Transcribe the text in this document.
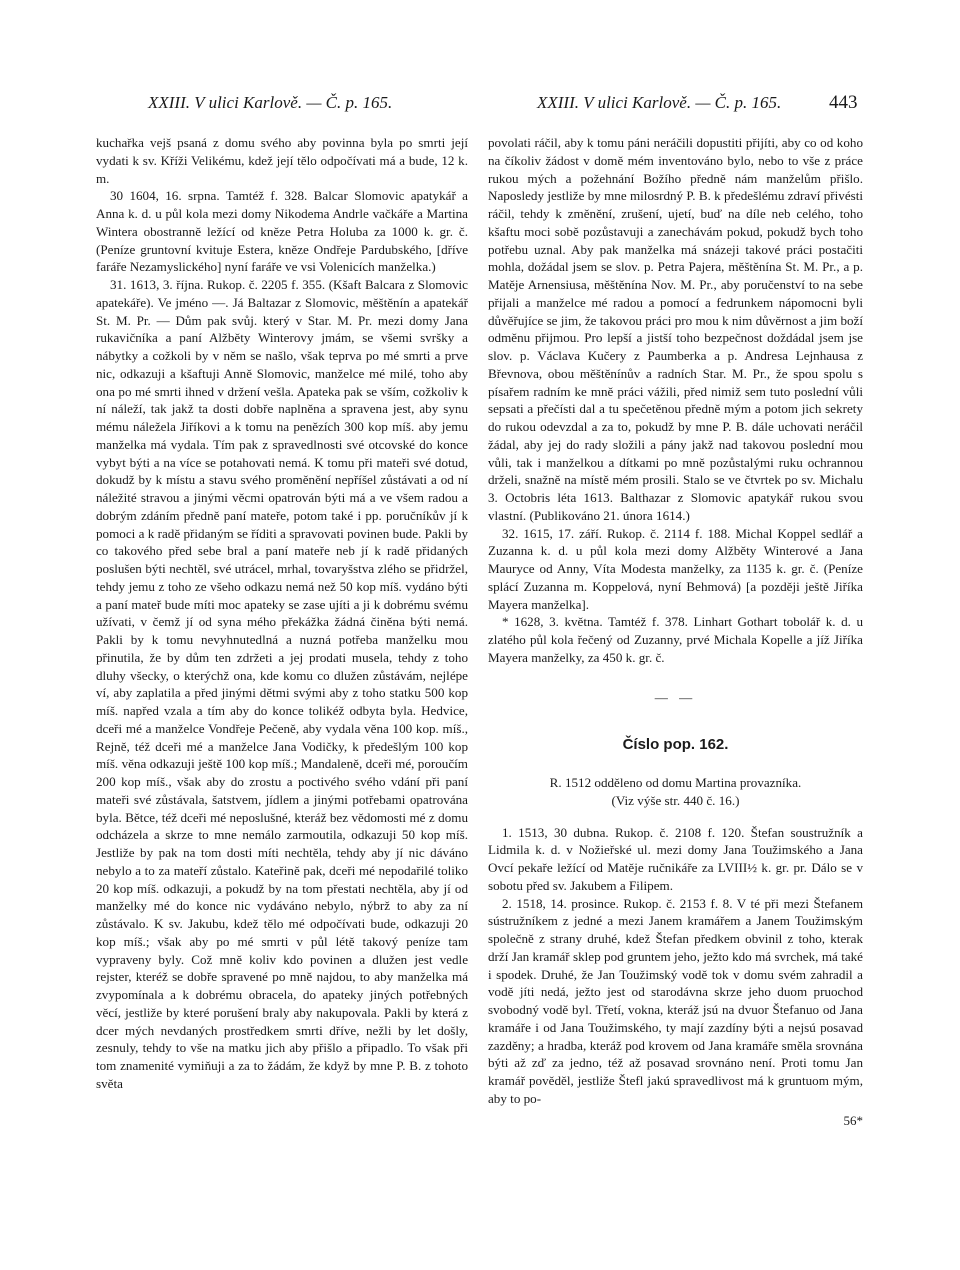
XXIII. V ulici Karlově. — Č. p. 165.	XXIII. V ulici Karlově. — Č. p. 165.	443

kuchařka vejš psaná z domu svého aby povinna byla po smrti její vydati k sv. Kříži Velikému, kdež její tělo odpočívati má a bude, 12 k. m.

30 1604, 16. srpna. Tamtéž f. 328. Balcar Slomovic apatykář a Anna k. d. u půl kola mezi domy Nikodema Andrle vačkáře a Martina Wintera obostranně ležící od kněze Petra Holuba za 1000 k. gr. č. (Peníze gruntovní kvituje Estera, kněze Ondřeje Pardubského, [dříve faráře Nezamyslického] nyní faráře ve vsi Volenicích manželka.)

31. 1613, 3. října. Rukop. č. 2205 f. 355. (Kšaft Balcara z Slomovic apatekáře). Ve jméno —. Já Baltazar z Slomovic, měštěnín a apatekář St. M. Pr. — Dům pak svůj. který v Star. M. Pr. mezi domy Jana rukavičníka a paní Alžběty Winterovy jmám, se všemi svršky a nábytky a cožkoli by v něm se našlo, však teprva po mé smrti a prve nic, odkazuji a kšaftuji Anně Slomovic, manželce mé milé, toho aby ona po mé smrti ihned v držení vešla. Apateka pak se vším, cožkoliv k ní náleží, tak jakž ta dosti dobře naplněna a spravena jest, aby synu mému náležela Jiříkovi a k tomu na penězích 300 kop míš. aby jemu manželka má vydala. Tím pak z spravedlnosti své otcovské do konce vybyt býti a na více se potahovati nemá. K tomu při mateři své dotud, dokudž by k místu a stavu svého proměnění nepříšel zůstávati a od ní náležité stravou a jinými věcmi opatrován býti má a ve všem radou a dobrým zdáním předně paní mateře, potom také i pp. poručníkův jí k pomoci a k radě přidaným se říditi a spravovati povinen bude. Pakli by co takového před sebe bral a paní mateře neb jí k radě přidaných poslušen býti nechtěl, své utrácel, mrhal, tovaryšstva zlého se přidržel, tehdy jemu z toho ze všeho odkazu nemá než 50 kop míš. vydáno býti a paní mateř bude míti moc apateky se zase ujíti a ji k dobrému svému užívati, v čemž jí od syna mého překážka žádná činěna býti nemá. Pakli by k tomu nevyhnutedlná a nuzná potřeba manželku mou přinutila, že by dům ten zdržeti a jej prodati musela, tehdy z toho dluhy všecky, o kterýchž ona, kde komu co dlužen zůstávám, nejlépe ví, aby zaplatila a před jinými dětmi svými aby z toho statku 500 kop míš. napřed vzala a tím aby do konce tolikéž odbyta byla. Hedvice, dceři mé a manželce Vondřeje Pečeně, aby vydala věna 100 kop. míš., Rejně, též dceři mé a manželce Jana Vodičky, k předešlým 100 kop míš. věna odkazuji ještě 100 kop míš.; Mandaleně, dceři mé, poroučím 200 kop míš., však aby do zrostu a poctivého svého vdání při paní mateři své zůstávala, šatstvem, jídlem a jinými potřebami opatrována byla. Bětce, též dceři mé neposlušné, kteráž bez vědomosti mé z domu odcházela a skrze to mne nemálo zarmoutila, odkazuji 50 kop míš. Jestliže by pak na tom dosti míti nechtěla, tehdy aby jí nic dáváno nebylo a to za mateří zůstalo. Kateřině pak, dceři mé nepodařilé toliko 20 kop míš. odkazuji, a pokudž by na tom přestati nechtěla, aby jí od manželky mé do konce nic vydáváno nebylo, nýbrž to aby za ní zůstávalo. K sv. Jakubu, kdež tělo mé odpočívati bude, odkazuji 20 kop míš.; však aby po mé smrti v půl létě takový peníze tam vypraveny byly. Což mně koliv kdo povinen a dlužen jest vedle rejster, kteréž se dobře spravené po mně najdou, to aby manželka má zvypomínala a k dobrému obracela, do apateky jiných potřebných věcí, jestliže by které porušení braly aby nakupovala. Pakli by která z dcer mých nevdaných prostředkem smrti dříve, nežli by let došly, zesnuly, tehdy to vše na matku jich aby přišlo a připadlo. To však při tom znamenité vymiňuji a za to žádám, že když by mne P. B. z tohoto světa

povolati ráčil, aby k tomu páni neráčili dopustiti přijíti, aby co od koho na číkoliv žádost v domě mém inventováno bylo, nebo to vše z práce rukou mých a požehnání Božího předně nám manželům přišlo. Naposledy jestliže by mne milosrdný P. B. k předešlému zdraví přivésti ráčil, tehdy k změnění, zrušení, ujetí, buď na díle neb celého, toho kšaftu moci sobě pozůstavuji a zanechávám pokud, pokudž bych toho potřebu uznal. Aby pak manželka má snázeji takové práci postačiti mohla, dožádal jsem se slov. p. Petra Pajera, měštěnína St. M. Pr., a p. Matěje Arnensiusa, měštěnína Nov. M. Pr., aby poručenství to na sebe přijali a manželce mé radou a pomocí a fedrunkem nápomocni byli důvěřujíce se jim, že takovou práci pro mou k nim důvěrnost a jim boží odměnu přijmou. Pro lepší a jistší toho bezpečnost doždádal jsem jse slov. p. Václava Kučery z Paumberka a p. Andresa Lejnhausa z Břevnova, obou měštěnínův a radních Star. M. Pr., že spou spolu s písařem radním ke mně práci vážili, před nimiž sem tuto poslední vůli sepsati a přečísti dal a tu spečetěnou předně mým a potom jich sekrety do rukou odevzdal a za to, pokudž by mne P. B. dále uchovati neráčil žádal, aby jej do rady složili a pány jakž nad takovou poslední mou vůli, tak i manželkou a dítkami po mně pozůstalými ruku ochrannou drželi, snažně na místě mém prosili. Stalo se ve čtvrtek po sv. Michalu 3. Octobris léta 1613. Balthazar z Slomovic apatykář rukou svou vlastní. (Publikováno 21. února 1614.)

32. 1615, 17. září. Rukop. č. 2114 f. 188. Michal Koppel sedlář a Zuzanna k. d. u půl kola mezi domy Alžběty Winterové a Jana Mauryce od Anny, Víta Modesta manželky, za 1135 k. gr. č. (Peníze splácí Zuzanna m. Koppelová, nyní Behmová) [a později ještě Jiříka Mayera manželka].

* 1628, 3. května. Tamtéž f. 378. Linhart Gothart tobolář k. d. u zlatého půl kola řečený od Zuzanny, prvé Michala Kopelle a jíž Jiříka Mayera manželky, za 450 k. gr. č.

— —
Číslo pop. 162.
R. 1512 odděleno od domu Martina provazníka.
(Viz výše str. 440 č. 16.)

1. 1513, 30 dubna. Rukop. č. 2108 f. 120. Štefan soustružník a Lidmila k. d. v Nožieřské ul. mezi domy Jana Toužimského a Jana Ovcí pekaře ležící od Matěje ručnikáře za LVIII½ k. gr. pr. Dálo se v sobotu před sv. Jakubem a Filipem.

2. 1518, 14. prosince. Rukop. č. 2153 f. 8. V té při mezi Štefanem sústružníkem z jedné a mezi Janem kramářem a Janem Toužimským společně z strany druhé, kdež Štefan předkem obvinil z toho, kterak drží Jan kramář sklep pod gruntem jeho, ježto kdo má svrchek, má také i spodek. Druhé, že Jan Toužimský vodě tok v domu svém zahradil a vodě jíti nedá, ježto jest od starodávna skrze jeho duom pruochod svobodný vodě byl. Třetí, vokna, kteráž jsú na dvuor Štefanuo od Jana kramáře i od Jana Toužimského, ty mají zazdíny býti a nejsú posavad zazděny; a hradba, kteráž pod krovem od Jana kramáře směla srovnána býti až zď za jedno, též až posavad srovnáno není. Proti tomu Jan kramář pověděl, jestliže Štefl jakú spravedlivost má k gruntuom mým, aby to po-

56*
